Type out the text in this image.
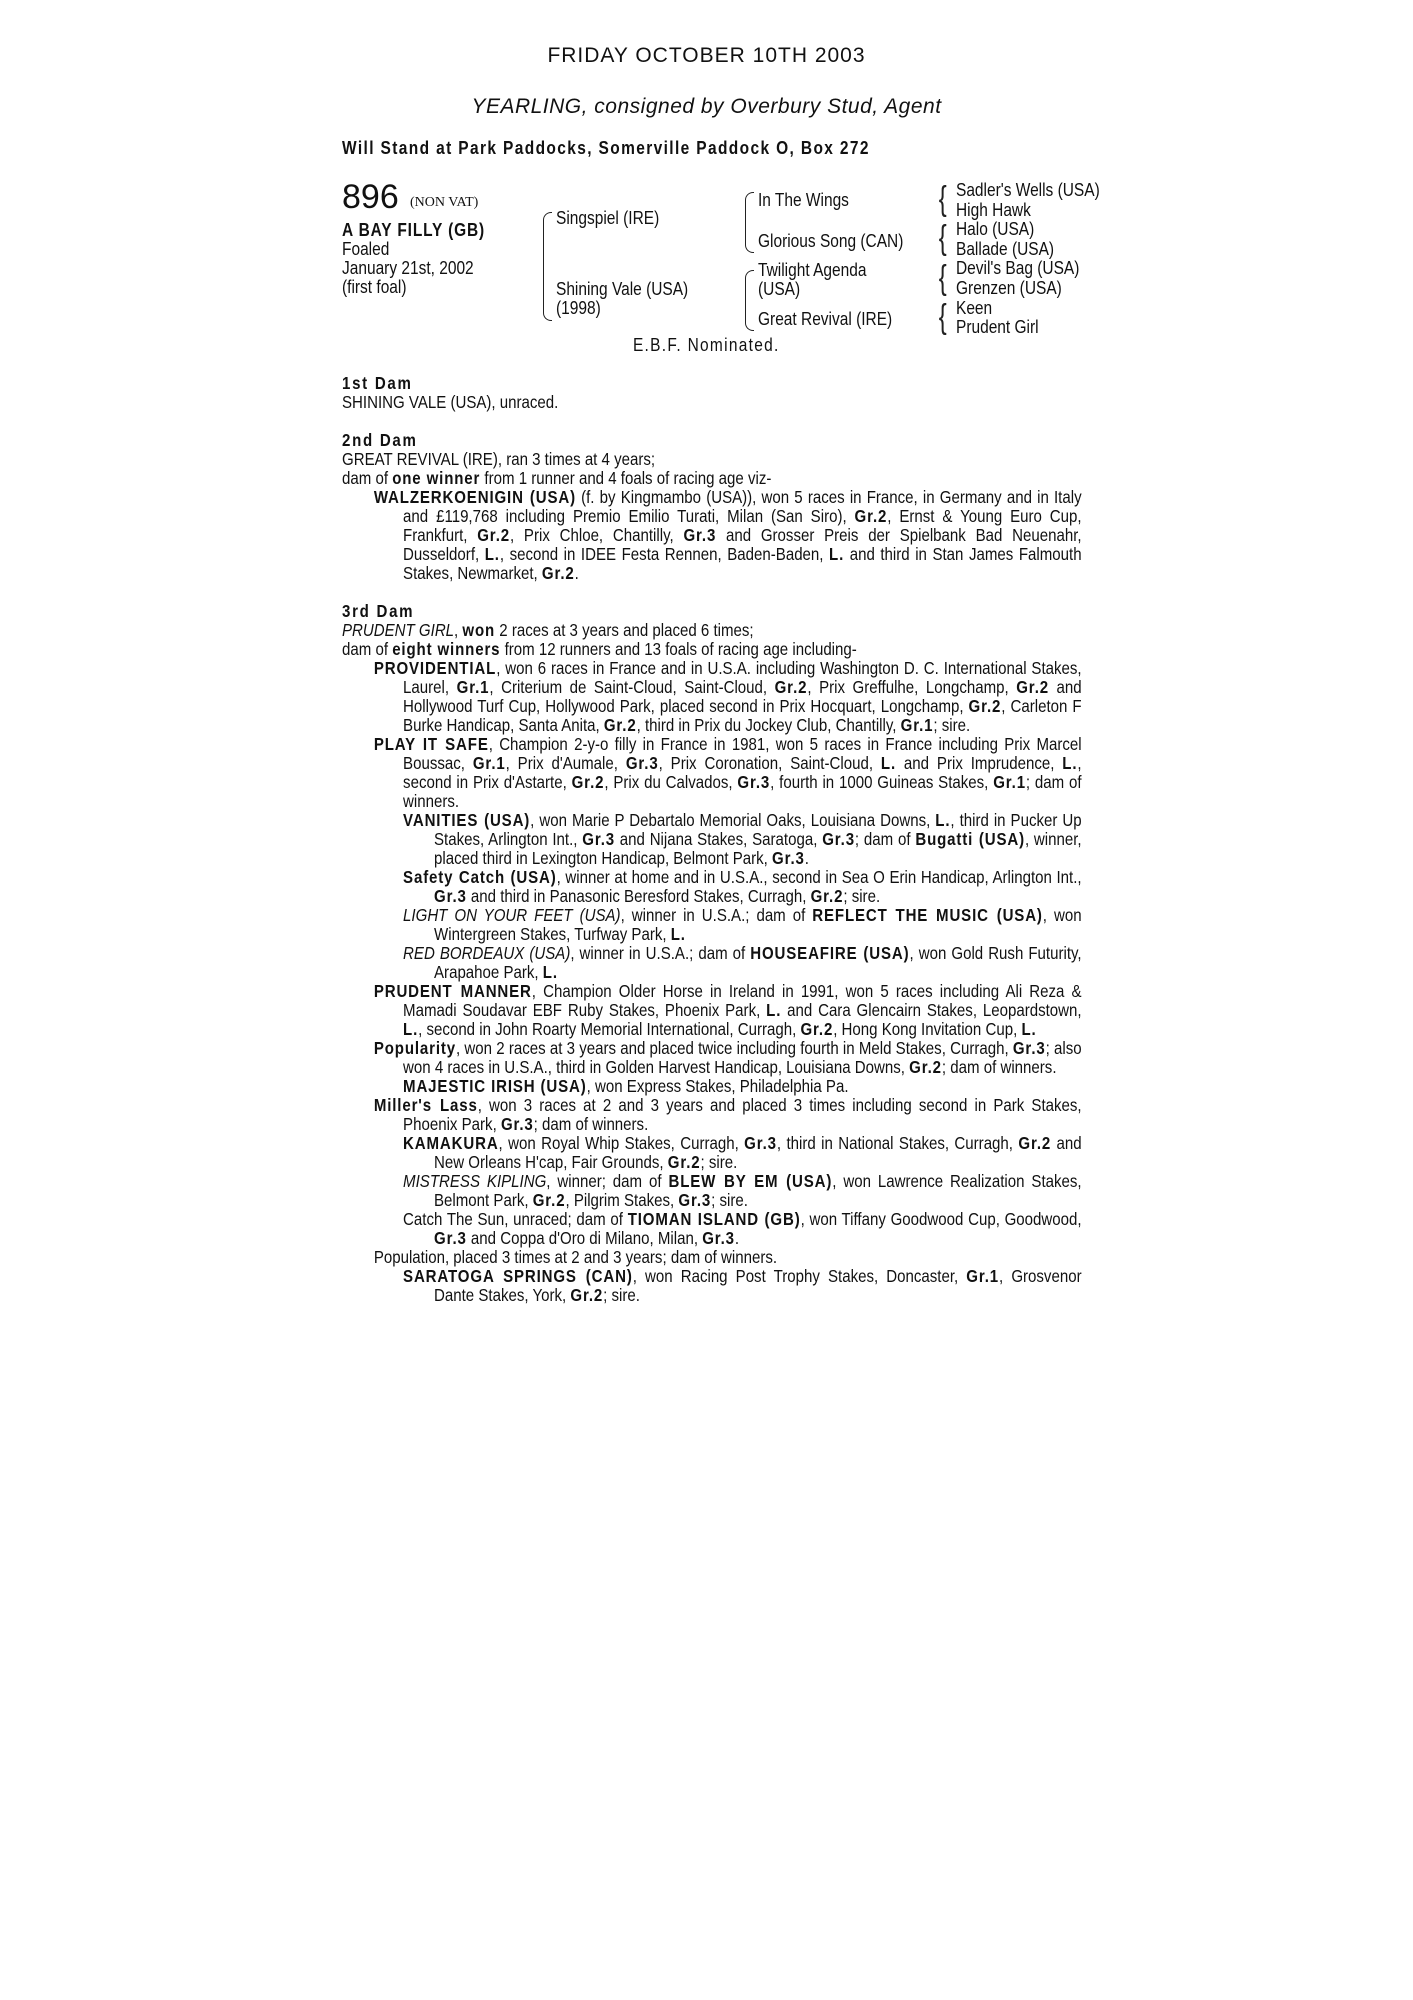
FRIDAY OCTOBER 10TH 2003
YEARLING, consigned by Overbury Stud, Agent
Will Stand at Park Paddocks, Somerville Paddock O, Box 272
896 (NON VAT)
A BAY FILLY (GB)
Foaled
January 21st, 2002
(first foal)
Singspiel (IRE)
Shining Vale (USA)
(1998)
In The Wings
Glorious Song (CAN)
Twilight Agenda
(USA)
Great Revival (IRE)
{
{
{
{
Sadler's Wells (USA)
High Hawk
Halo (USA)
Ballade (USA)
Devil's Bag (USA)
Grenzen (USA)
Keen
Prudent Girl
E.B.F. Nominated.
1st Dam
SHINING VALE (USA), unraced.
2nd Dam
GREAT REVIVAL (IRE), ran 3 times at 4 years;
dam of one winner from 1 runner and 4 foals of racing age viz-
WALZERKOENIGIN (USA) (f. by Kingmambo (USA)), won 5 races in France, in Germany and in Italy and £119,768 including Premio Emilio Turati, Milan (San Siro), Gr.2, Ernst & Young Euro Cup, Frankfurt, Gr.2, Prix Chloe, Chantilly, Gr.3 and Grosser Preis der Spielbank Bad Neuenahr, Dusseldorf, L., second in IDEE Festa Rennen, Baden-Baden, L. and third in Stan James Falmouth Stakes, Newmarket, Gr.2.
3rd Dam
PRUDENT GIRL, won 2 races at 3 years and placed 6 times;
dam of eight winners from 12 runners and 13 foals of racing age including-
PROVIDENTIAL, won 6 races in France and in U.S.A. including Washington D. C. International Stakes, Laurel, Gr.1, Criterium de Saint-Cloud, Saint-Cloud, Gr.2, Prix Greffulhe, Longchamp, Gr.2 and Hollywood Turf Cup, Hollywood Park, placed second in Prix Hocquart, Longchamp, Gr.2, Carleton F Burke Handicap, Santa Anita, Gr.2, third in Prix du Jockey Club, Chantilly, Gr.1; sire.
PLAY IT SAFE, Champion 2-y-o filly in France in 1981, won 5 races in France including Prix Marcel Boussac, Gr.1, Prix d'Aumale, Gr.3, Prix Coronation, Saint-Cloud, L. and Prix Imprudence, L., second in Prix d'Astarte, Gr.2, Prix du Calvados, Gr.3, fourth in 1000 Guineas Stakes, Gr.1; dam of winners.
VANITIES (USA), won Marie P Debartalo Memorial Oaks, Louisiana Downs, L., third in Pucker Up Stakes, Arlington Int., Gr.3 and Nijana Stakes, Saratoga, Gr.3; dam of Bugatti (USA), winner, placed third in Lexington Handicap, Belmont Park, Gr.3.
Safety Catch (USA), winner at home and in U.S.A., second in Sea O Erin Handicap, Arlington Int., Gr.3 and third in Panasonic Beresford Stakes, Curragh, Gr.2; sire.
LIGHT ON YOUR FEET (USA), winner in U.S.A.; dam of REFLECT THE MUSIC (USA), won Wintergreen Stakes, Turfway Park, L.
RED BORDEAUX (USA), winner in U.S.A.; dam of HOUSEAFIRE (USA), won Gold Rush Futurity, Arapahoe Park, L.
PRUDENT MANNER, Champion Older Horse in Ireland in 1991, won 5 races including Ali Reza & Mamadi Soudavar EBF Ruby Stakes, Phoenix Park, L. and Cara Glencairn Stakes, Leopardstown, L., second in John Roarty Memorial International, Curragh, Gr.2, Hong Kong Invitation Cup, L.
Popularity, won 2 races at 3 years and placed twice including fourth in Meld Stakes, Curragh, Gr.3; also won 4 races in U.S.A., third in Golden Harvest Handicap, Louisiana Downs, Gr.2; dam of winners.
MAJESTIC IRISH (USA), won Express Stakes, Philadelphia Pa.
Miller's Lass, won 3 races at 2 and 3 years and placed 3 times including second in Park Stakes, Phoenix Park, Gr.3; dam of winners.
KAMAKURA, won Royal Whip Stakes, Curragh, Gr.3, third in National Stakes, Curragh, Gr.2 and New Orleans H'cap, Fair Grounds, Gr.2; sire.
MISTRESS KIPLING, winner; dam of BLEW BY EM (USA), won Lawrence Realization Stakes, Belmont Park, Gr.2, Pilgrim Stakes, Gr.3; sire.
Catch The Sun, unraced; dam of TIOMAN ISLAND (GB), won Tiffany Goodwood Cup, Goodwood, Gr.3 and Coppa d'Oro di Milano, Milan, Gr.3.
Population, placed 3 times at 2 and 3 years; dam of winners.
SARATOGA SPRINGS (CAN), won Racing Post Trophy Stakes, Doncaster, Gr.1, Grosvenor Dante Stakes, York, Gr.2; sire.
